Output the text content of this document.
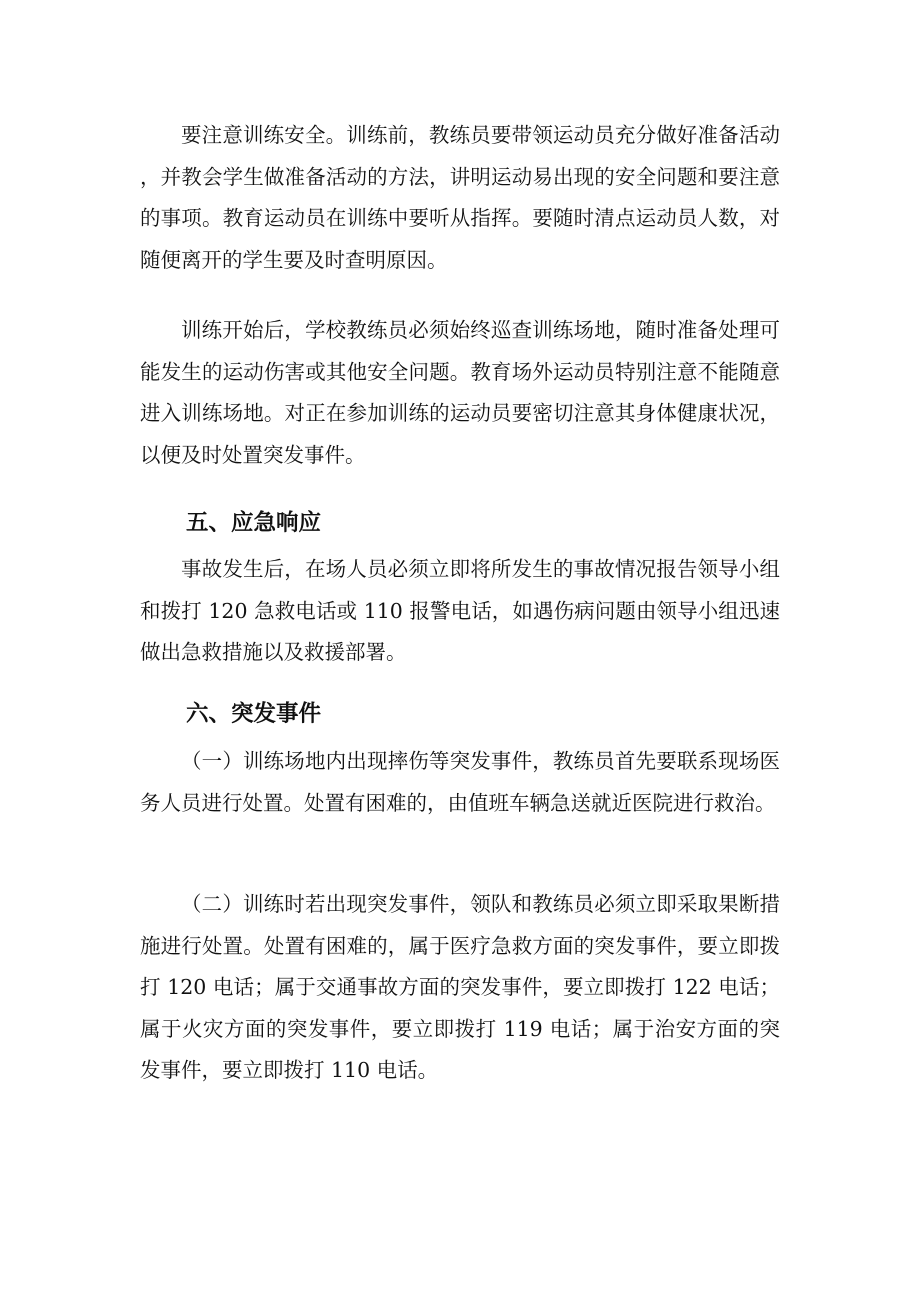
要注意训练安全。训练前，教练员要带领运动员充分做好准备活动，并教会学生做准备活动的方法，讲明运动易出现的安全问题和要注意的事项。教育运动员在训练中要听从指挥。要随时清点运动员人数，对随便离开的学生要及时查明原因。

训练开始后，学校教练员必须始终巡查训练场地，随时准备处理可能发生的运动伤害或其他安全问题。教育场外运动员特别注意不能随意进入训练场地。对正在参加训练的运动员要密切注意其身体健康状况，以便及时处置突发事件。

五、应急响应

事故发生后，在场人员必须立即将所发生的事故情况报告领导小组和拨打 120 急救电话或 110 报警电话，如遇伤病问题由领导小组迅速做出急救措施以及救援部署。

六、突发事件

（一）训练场地内出现摔伤等突发事件，教练员首先要联系现场医务人员进行处置。处置有困难的，由值班车辆急送就近医院进行救治。

（二）训练时若出现突发事件，领队和教练员必须立即采取果断措施进行处置。处置有困难的，属于医疗急救方面的突发事件，要立即拨打 120 电话；属于交通事故方面的突发事件，要立即拨打 122 电话；属于火灾方面的突发事件，要立即拨打 119 电话；属于治安方面的突发事件，要立即拨打 110 电话。
